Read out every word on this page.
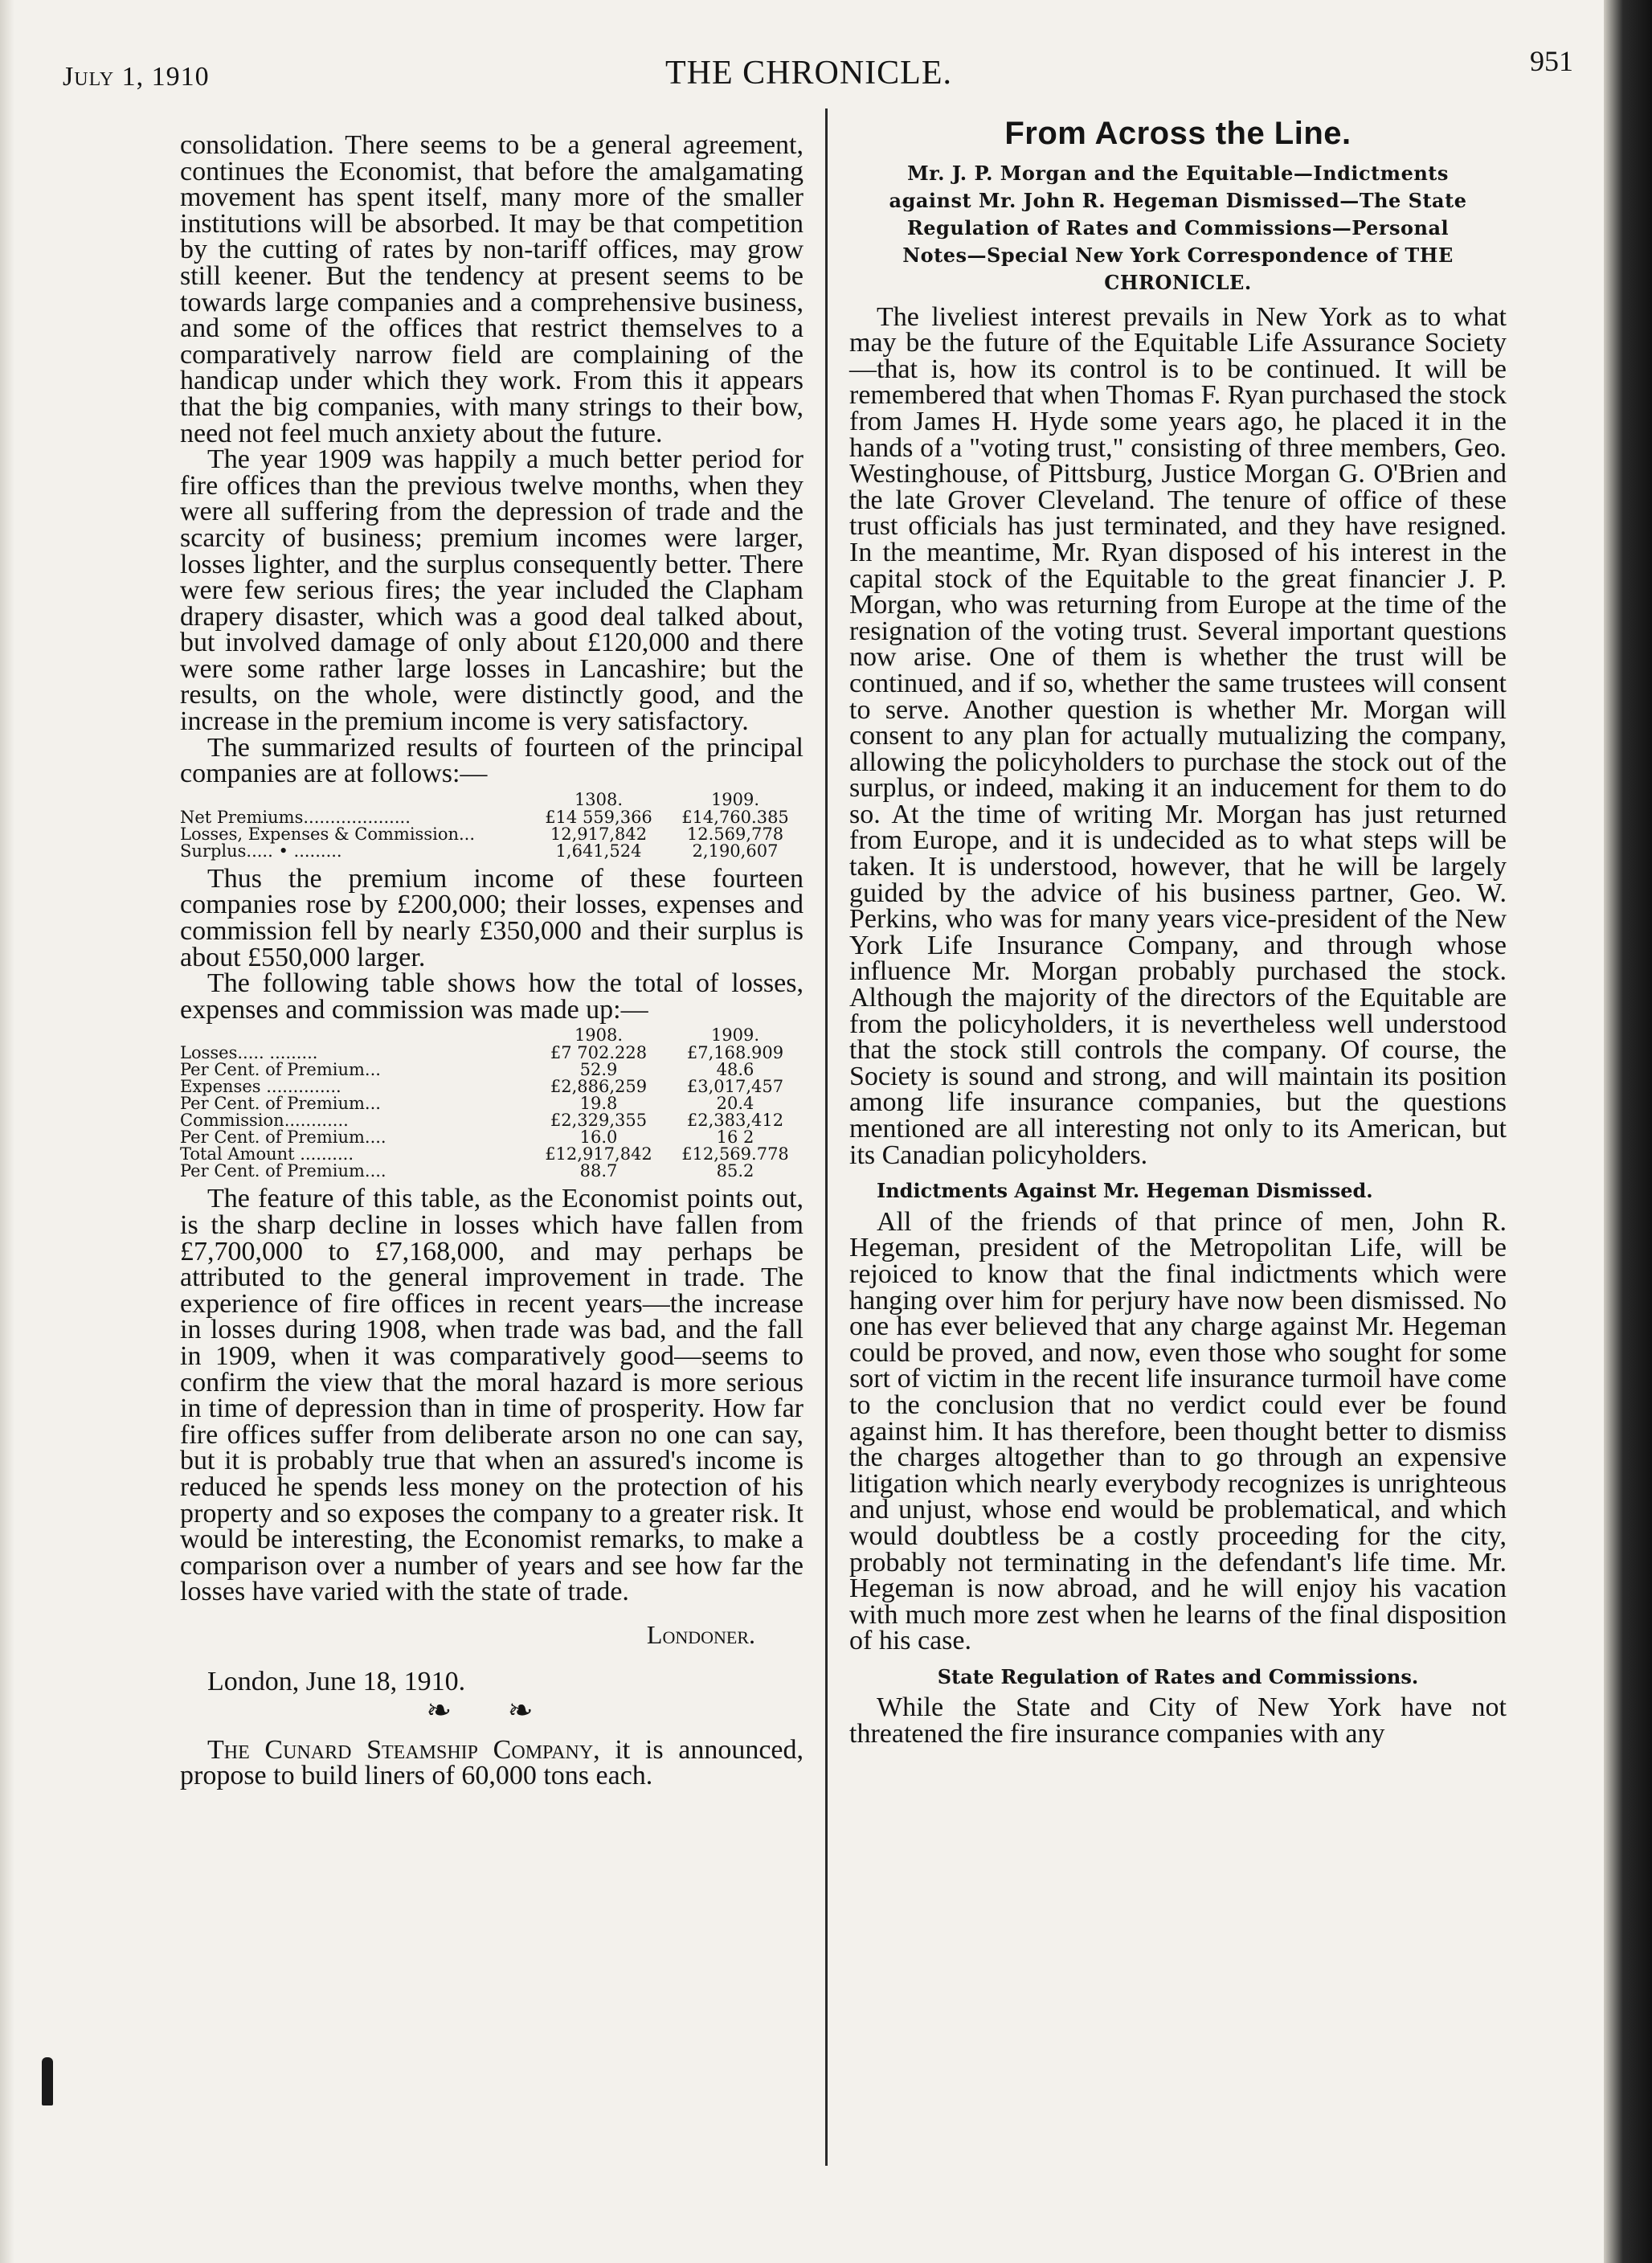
July 1, 1910	THE CHRONICLE.	951

consolidation. There seems to be a general agreement, continues the Economist, that before the amalgamating movement has spent itself, many more of the smaller institutions will be absorbed. It may be that competition by the cutting of rates by non-tariff offices, may grow still keener. But the tendency at present seems to be towards large companies and a comprehensive business, and some of the offices that restrict themselves to a comparatively narrow field are complaining of the handicap under which they work. From this it appears that the big companies, with many strings to their bow, need not feel much anxiety about the future.

The year 1909 was happily a much better period for fire offices than the previous twelve months, when they were all suffering from the depression of trade and the scarcity of business; premium incomes were larger, losses lighter, and the surplus consequently better. There were few serious fires; the year included the Clapham drapery disaster, which was a good deal talked about, but involved damage of only about £120,000 and there were some rather large losses in Lancashire; but the results, on the whole, were distinctly good, and the increase in the premium income is very satisfactory.

The summarized results of fourteen of the principal companies are at follows:—

	1308.	1909.
Net Premiums....................	£14 559,366	£14,760.385
Losses, Expenses & Commission...	12,917,842	12.569,778
Surplus..... • .........	1,641,524	2,190,607

Thus the premium income of these fourteen companies rose by £200,000; their losses, expenses and commission fell by nearly £350,000 and their surplus is about £550,000 larger.

The following table shows how the total of losses, expenses and commission was made up:—

	1908.	1909.
Losses..... .........	£7 702.228	£7,168.909
Per Cent. of Premium...	52.9	48.6
Expenses ..............	£2,886,259	£3,017,457
Per Cent. of Premium...	19.8	20.4
Commission............	£2,329,355	£2,383,412
Per Cent. of Premium....	16.0	16 2
Total Amount ..........	£12,917,842	£12,569.778
Per Cent. of Premium....	88.7	85.2

The feature of this table, as the Economist points out, is the sharp decline in losses which have fallen from £7,700,000 to £7,168,000, and may perhaps be attributed to the general improvement in trade. The experience of fire offices in recent years—the increase in losses during 1908, when trade was bad, and the fall in 1909, when it was comparatively good—seems to confirm the view that the moral hazard is more serious in time of depression than in time of prosperity. How far fire offices suffer from deliberate arson no one can say, but it is probably true that when an assured's income is reduced he spends less money on the protection of his property and so exposes the company to a greater risk. It would be interesting, the Economist remarks, to make a comparison over a number of years and see how far the losses have varied with the state of trade.

Londoner.

London, June 18, 1910.

❧ ❧

The Cunard Steamship Company, it is announced, propose to build liners of 60,000 tons each.

From Across the Line.

Mr. J. P. Morgan and the Equitable—Indictments against Mr. John R. Hegeman Dismissed—The State Regulation of Rates and Commissions—Personal Notes—Special New York Correspondence of THE CHRONICLE.

The liveliest interest prevails in New York as to what may be the future of the Equitable Life Assurance Society—that is, how its control is to be continued. It will be remembered that when Thomas F. Ryan purchased the stock from James H. Hyde some years ago, he placed it in the hands of a "voting trust," consisting of three members, Geo. Westinghouse, of Pittsburg, Justice Morgan G. O'Brien and the late Grover Cleveland. The tenure of office of these trust officials has just terminated, and they have resigned. In the meantime, Mr. Ryan disposed of his interest in the capital stock of the Equitable to the great financier J. P. Morgan, who was returning from Europe at the time of the resignation of the voting trust. Several important questions now arise. One of them is whether the trust will be continued, and if so, whether the same trustees will consent to serve. Another question is whether Mr. Morgan will consent to any plan for actually mutualizing the company, allowing the policyholders to purchase the stock out of the surplus, or indeed, making it an inducement for them to do so. At the time of writing Mr. Morgan has just returned from Europe, and it is undecided as to what steps will be taken. It is understood, however, that he will be largely guided by the advice of his business partner, Geo. W. Perkins, who was for many years vice-president of the New York Life Insurance Company, and through whose influence Mr. Morgan probably purchased the stock. Although the majority of the directors of the Equitable are from the policyholders, it is nevertheless well understood that the stock still controls the company. Of course, the Society is sound and strong, and will maintain its position among life insurance companies, but the questions mentioned are all interesting not only to its American, but its Canadian policyholders.

Indictments Against Mr. Hegeman Dismissed.

All of the friends of that prince of men, John R. Hegeman, president of the Metropolitan Life, will be rejoiced to know that the final indictments which were hanging over him for perjury have now been dismissed. No one has ever believed that any charge against Mr. Hegeman could be proved, and now, even those who sought for some sort of victim in the recent life insurance turmoil have come to the conclusion that no verdict could ever be found against him. It has therefore, been thought better to dismiss the charges altogether than to go through an expensive litigation which nearly everybody recognizes is unrighteous and unjust, whose end would be problematical, and which would doubtless be a costly proceeding for the city, probably not terminating in the defendant's life time. Mr. Hegeman is now abroad, and he will enjoy his vacation with much more zest when he learns of the final disposition of his case.

State Regulation of Rates and Commissions.

While the State and City of New York have not threatened the fire insurance companies with any
